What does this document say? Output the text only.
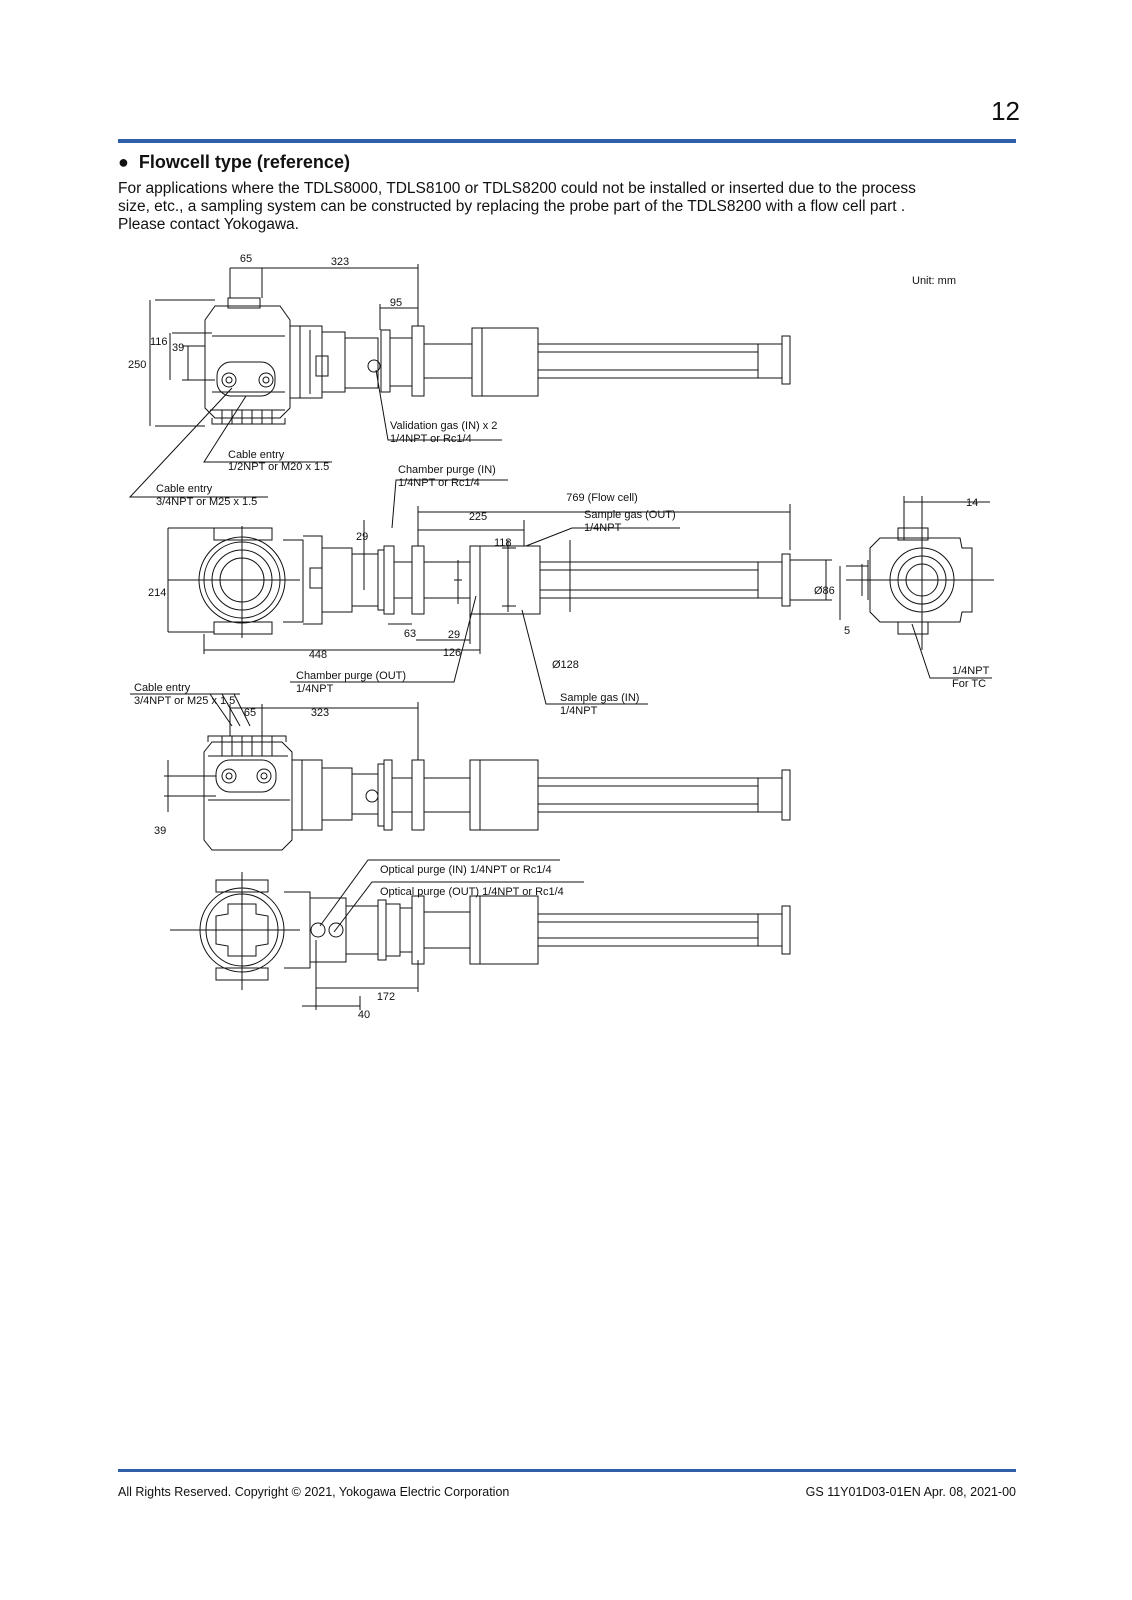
12
● Flowcell type (reference)

For applications where the TDLS8000, TDLS8100 or TDLS8200 could not be installed or inserted due to the process

size, etc., a sampling system can be constructed by replacing the probe part of the TDLS8200 with a flow cell part .

Please contact Yokogawa.

65	323
95
116 39
250
Unit: mm
Validation gas (IN) x 2
1/4NPT or Rc1/4
Cable entry
1/2NPT or M20 x 1.5
Cable entry
3/4NPT or M25 x 1.5
Chamber purge (IN)
1/4NPT or Rc1/4
769 (Flow cell)
225	Sample gas (OUT)
1/4NPT
118
29
214	Ø86
14
5
448
63	29
126
Ø128
Chamber purge (OUT)
1/4NPT
Sample gas (IN)
1/4NPT
Cable entry
3/4NPT or M25 x 1.5
1/4NPT
For TC
65	323
39
Optical purge (IN) 1/4NPT or Rc1/4
Optical purge (OUT) 1/4NPT or Rc1/4
172
40
All Rights Reserved. Copyright © 2021, Yokogawa Electric Corporation	GS 11Y01D03-01EN Apr. 08, 2021-00
